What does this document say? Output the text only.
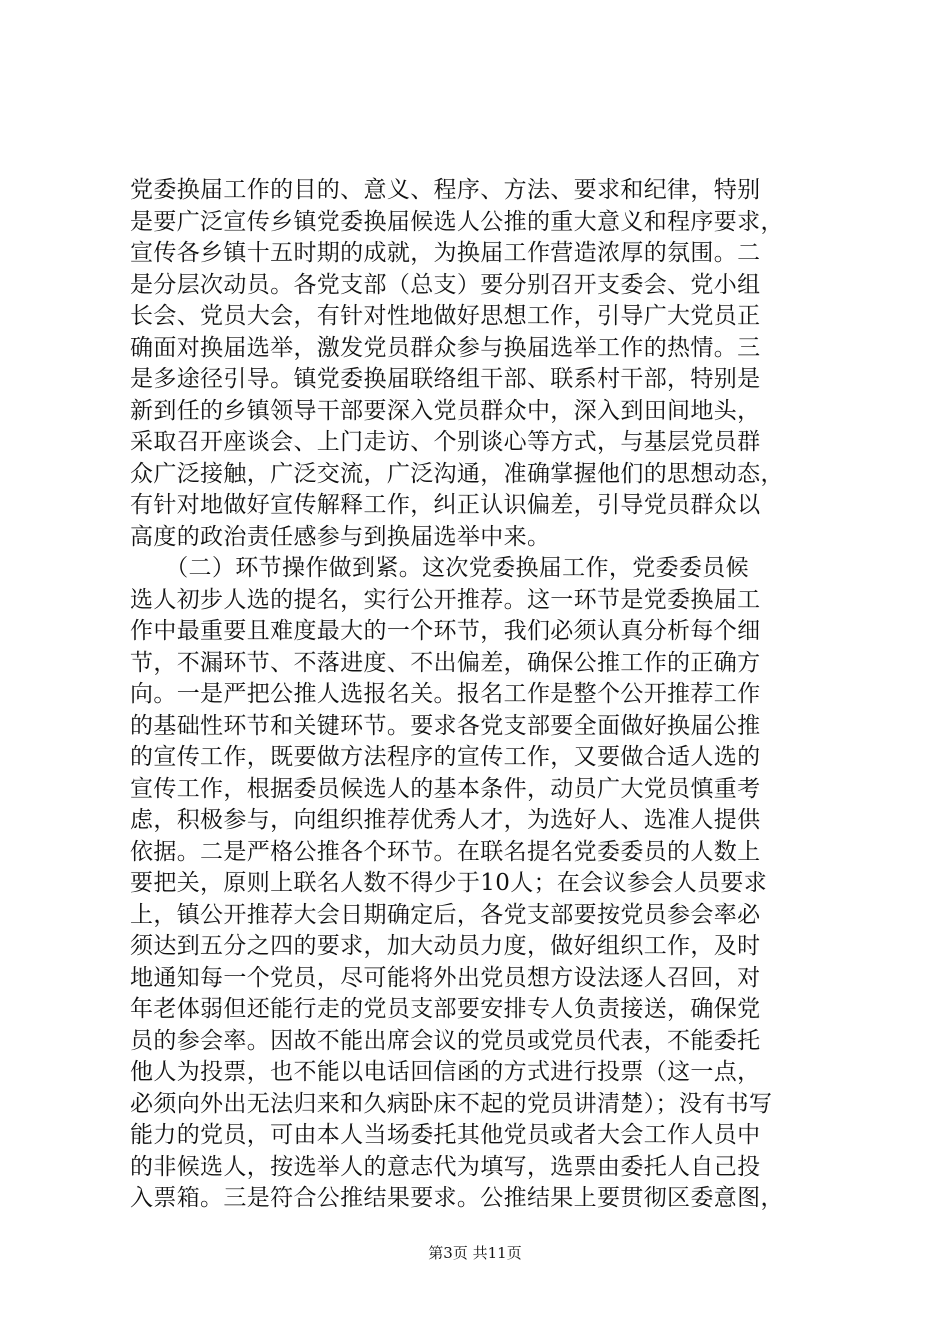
党委换届工作的目的、意义、程序、方法、要求和纪律，特别
是要广泛宣传乡镇党委换届候选人公推的重大意义和程序要求，
宣传各乡镇十五时期的成就，为换届工作营造浓厚的氛围。二
是分层次动员。各党支部（总支）要分别召开支委会、党小组
长会、党员大会，有针对性地做好思想工作，引导广大党员正
确面对换届选举，激发党员群众参与换届选举工作的热情。三
是多途径引导。镇党委换届联络组干部、联系村干部，特别是
新到任的乡镇领导干部要深入党员群众中，深入到田间地头，
采取召开座谈会、上门走访、个别谈心等方式，与基层党员群
众广泛接触，广泛交流，广泛沟通，准确掌握他们的思想动态，
有针对地做好宣传解释工作，纠正认识偏差，引导党员群众以
高度的政治责任感参与到换届选举中来。
　　（二）环节操作做到紧。这次党委换届工作，党委委员候
选人初步人选的提名，实行公开推荐。这一环节是党委换届工
作中最重要且难度最大的一个环节，我们必须认真分析每个细
节，不漏环节、不落进度、不出偏差，确保公推工作的正确方
向。一是严把公推人选报名关。报名工作是整个公开推荐工作
的基础性环节和关键环节。要求各党支部要全面做好换届公推
的宣传工作，既要做方法程序的宣传工作，又要做合适人选的
宣传工作，根据委员候选人的基本条件，动员广大党员慎重考
虑，积极参与，向组织推荐优秀人才，为选好人、选准人提供
依据。二是严格公推各个环节。在联名提名党委委员的人数上
要把关，原则上联名人数不得少于10人；在会议参会人员要求
上，镇公开推荐大会日期确定后，各党支部要按党员参会率必
须达到五分之四的要求，加大动员力度，做好组织工作，及时
地通知每一个党员，尽可能将外出党员想方设法逐人召回，对
年老体弱但还能行走的党员支部要安排专人负责接送，确保党
员的参会率。因故不能出席会议的党员或党员代表，不能委托
他人为投票，也不能以电话回信函的方式进行投票（这一点，
必须向外出无法归来和久病卧床不起的党员讲清楚）；没有书写
能力的党员，可由本人当场委托其他党员或者大会工作人员中
的非候选人，按选举人的意志代为填写，选票由委托人自己投
入票箱。三是符合公推结果要求。公推结果上要贯彻区委意图，
第3页 共11页
